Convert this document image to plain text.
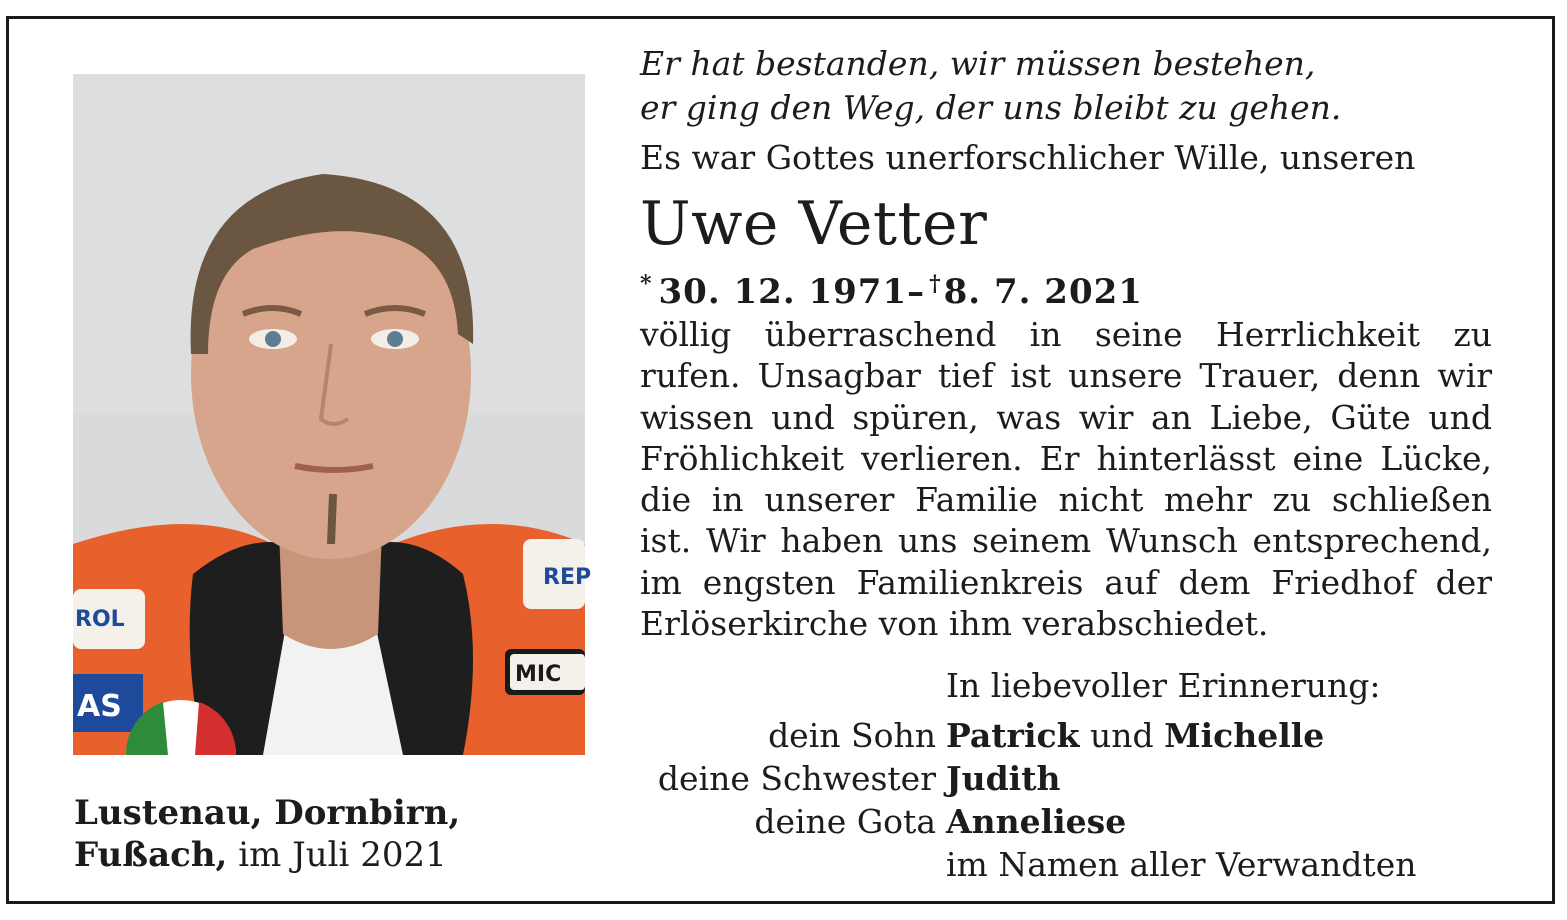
REP
ROL
MIC
AS
Lustenau, Dornbirn,
Fußach, im Juli 2021
Er hat bestanden, wir müssen bestehen,
er ging den Weg, der uns bleibt zu gehen.
Es war Gottes unerforschlicher Wille, unseren
Uwe Vetter
* 30. 12. 1971– †8. 7. 2021
völlig überraschend in seine Herrlichkeit zu
rufen. Unsagbar tief ist unsere Trauer, denn wir
wissen und spüren, was wir an Liebe, Güte und
Fröhlichkeit verlieren. Er hinterlässt eine Lücke,
die in unserer Familie nicht mehr zu schließen
ist. Wir haben uns seinem Wunsch entsprechend,
im engsten Familienkreis auf dem Friedhof der
Erlöserkirche von ihm verabschiedet.
In liebevoller Erinnerung:
dein Sohn
deine Schwester
deine Gota
Patrick und Michelle
Judith
Anneliese
im Namen aller Verwandten
